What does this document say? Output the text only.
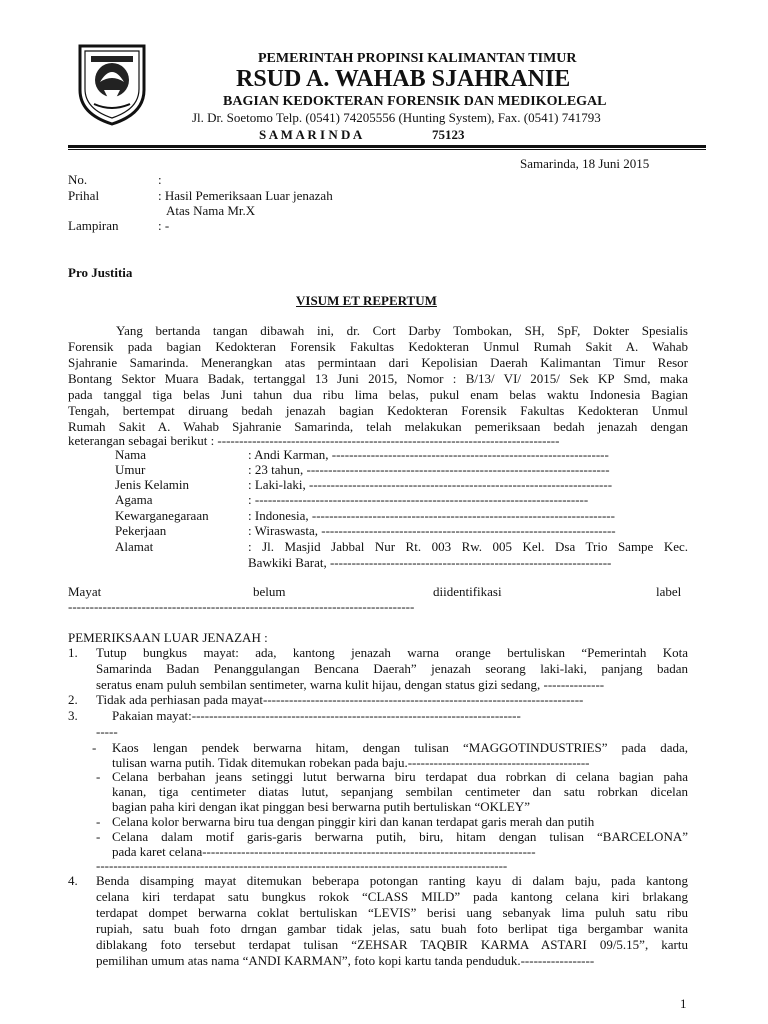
PEMERINTAH PROPINSI KALIMANTAN TIMUR
RSUD A. WAHAB SJAHRANIE
BAGIAN KEDOKTERAN FORENSIK DAN MEDIKOLEGAL
Jl. Dr. Soetomo Telp. (0541) 74205556 (Hunting System), Fax. (0541) 741793
S A M A R I N D A	75123
Samarinda, 18 Juni 2015
No.	:
Prihal	: Hasil Pemeriksaan Luar jenazah
Atas Nama Mr.X
Lampiran	: -
Pro Justitia
VISUM ET REPERTUM
Yang bertanda tangan dibawah ini, dr. Cort Darby Tombokan, SH, SpF, Dokter Spesialis
Forensik pada bagian Kedokteran Forensik Fakultas Kedokteran Unmul Rumah Sakit A. Wahab
Sjahranie Samarinda. Menerangkan atas permintaan dari Kepolisian Daerah Kalimantan Timur Resor
Bontang Sektor Muara Badak, tertanggal 13 Juni 2015, Nomor : B/13/ VI/ 2015/ Sek KP Smd, maka
pada tanggal tiga belas Juni tahun dua ribu lima belas, pukul enam belas waktu Indonesia Bagian
Tengah, bertempat diruang bedah jenazah bagian Kedokteran Forensik Fakultas Kedokteran Unmul
Rumah Sakit A. Wahab Sjahranie Samarinda, telah melakukan pemeriksaan bedah jenazah dengan
keterangan sebagai berikut : -------------------------------------------------------------------------------
Nama	: Andi Karman, ----------------------------------------------------------------
Umur	: 23 tahun, ----------------------------------------------------------------------
Jenis Kelamin	: Laki-laki, ----------------------------------------------------------------------
Agama	: -----------------------------------------------------------------------------
Kewarganegaraan	: Indonesia, ----------------------------------------------------------------------
Pekerjaan	: Wiraswasta, --------------------------------------------------------------------
Alamat	: Jl. Masjid Jabbal Nur Rt. 003 Rw. 005 Kel. Dsa Trio Sampe Kec.
Bawkiki Barat, -----------------------------------------------------------------
Mayat	belum	diidentifikasi	label
--------------------------------------------------------------------------------
PEMERIKSAAN LUAR JENAZAH :
1. Tutup bungkus mayat: ada, kantong jenazah warna orange bertuliskan “Pemerintah Kota
Samarinda Badan Penanggulangan Bencana Daerah” jenazah seorang laki-laki, panjang badan
seratus enam puluh sembilan sentimeter, warna kulit hijau, dengan status gizi sedang, --------------
2. Tidak ada perhiasan pada mayat--------------------------------------------------------------------------
3.	Pakaian mayat:----------------------------------------------------------------------------
-----
- Kaos lengan pendek berwarna hitam, dengan tulisan “MAGGOTINDUSTRIES” pada dada,
tulisan warna putih. Tidak ditemukan robekan pada baju.------------------------------------------
- Celana berbahan jeans setinggi lutut berwarna biru terdapat dua robrkan di celana bagian paha
kanan, tiga centimeter diatas lutut, sepanjang sembilan centimeter dan satu robrkan dicelan
bagian paha kiri dengan ikat pinggan besi berwarna putih bertuliskan “OKLEY”
- Celana kolor berwarna biru tua dengan pinggir kiri dan kanan terdapat garis merah dan putih
- Celana dalam motif garis-garis berwarna putih, biru, hitam dengan tulisan “BARCELONA”
pada karet celana-----------------------------------------------------------------------------
-----------------------------------------------------------------------------------------------
4. Benda disamping mayat ditemukan beberapa potongan ranting kayu di dalam baju, pada kantong
celana kiri terdapat satu bungkus rokok “CLASS MILD” pada kantong celana kiri brlakang
terdapat dompet berwarna coklat bertuliskan “LEVIS” berisi uang sebanyak lima puluh satu ribu
rupiah, satu buah foto drngan gambar tidak jelas, satu buah foto berlipat tiga bergambar wanita
diblakang foto tersebut terdapat tulisan “ZEHSAR TAQBIR KARMA ASTARI 09/5.15”, kartu
pemilihan umum atas nama “ANDI KARMAN”, foto kopi kartu tanda penduduk.-----------------
1
